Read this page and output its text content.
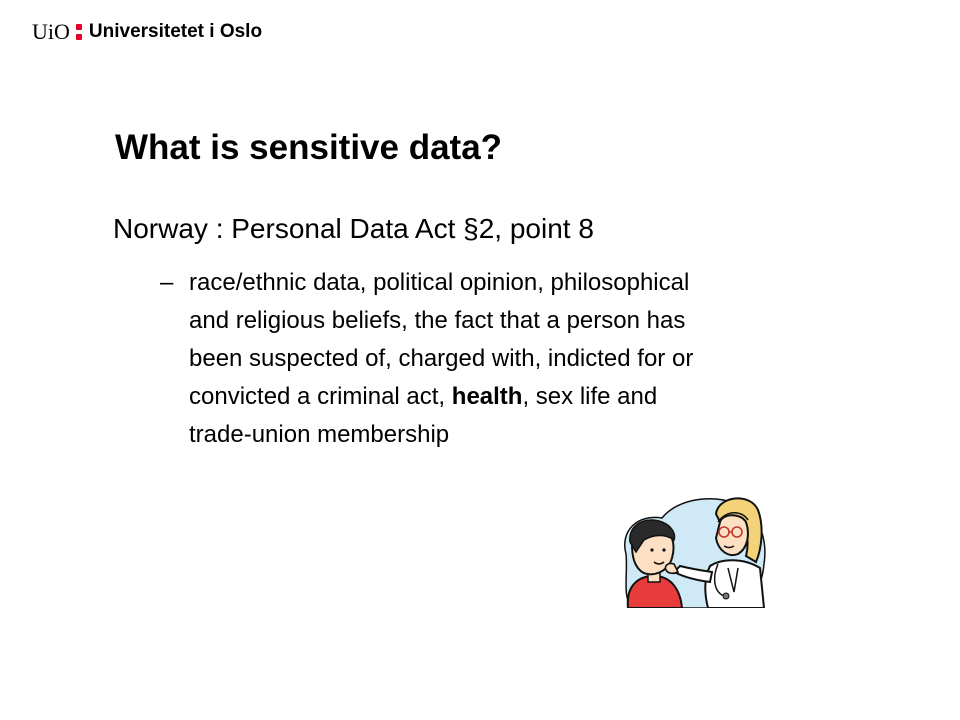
UiO Universitetet i Oslo
What is sensitive data?
Norway : Personal Data Act §2, point 8
– race/ethnic data, political opinion, philosophical
and religious beliefs, the fact that a person has
been suspected of, charged with, indicted for or
convicted a criminal act, health, sex life and
trade-union membership
